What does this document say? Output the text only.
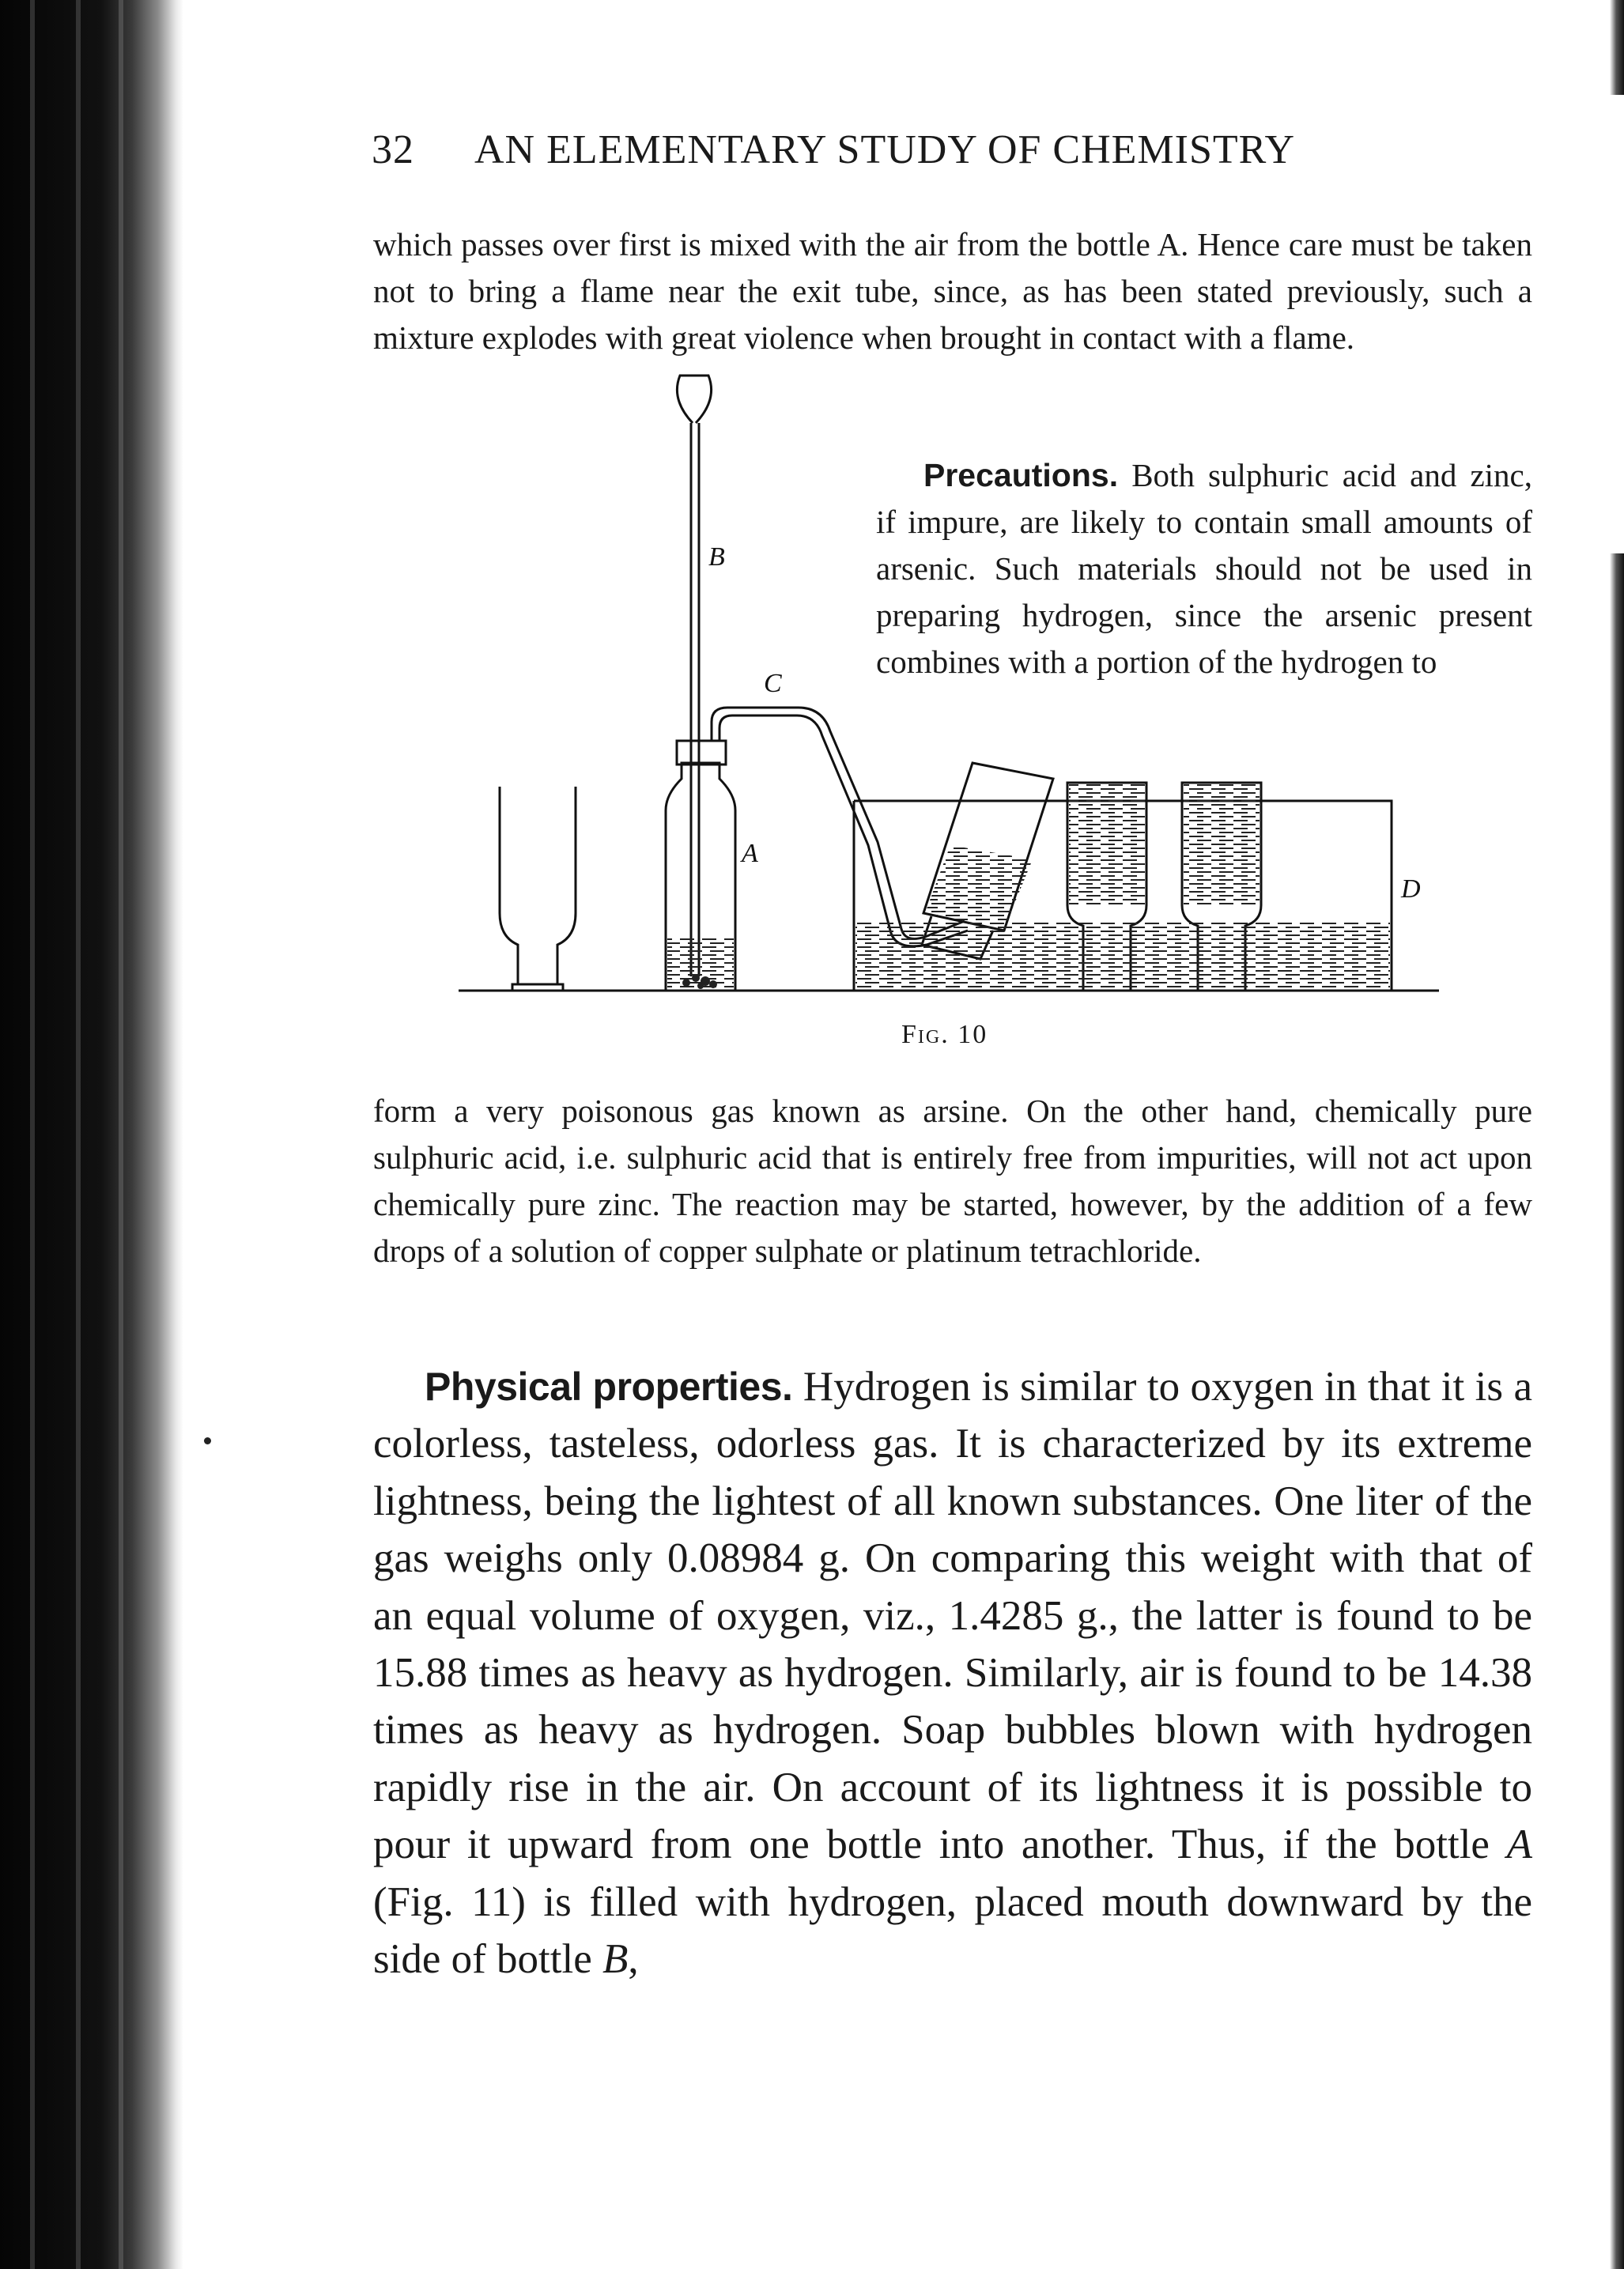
32 AN ELEMENTARY STUDY OF CHEMISTRY

which passes over first is mixed with the air from the bottle A. Hence care must be taken not to bring a flame near the exit tube, since, as has been stated previously, such a mixture explodes with great violence when brought in contact with a flame.

Precautions. Both sulphuric acid and zinc, if impure, are likely to contain small amounts of arsenic. Such materials should not be used in preparing hydrogen, since the arsenic present combines with a portion of the hydrogen to

B
C
A
D
Fig. 10

form a very poisonous gas known as arsine. On the other hand, chemically pure sulphuric acid, i.e. sulphuric acid that is entirely free from impurities, will not act upon chemically pure zinc. The reaction may be started, however, by the addition of a few drops of a solution of copper sulphate or platinum tetrachloride.

Physical properties. Hydrogen is similar to oxygen in that it is a colorless, tasteless, odorless gas. It is characterized by its extreme lightness, being the lightest of all known substances. One liter of the gas weighs only 0.08984 g. On comparing this weight with that of an equal volume of oxygen, viz., 1.4285 g., the latter is found to be 15.88 times as heavy as hydrogen. Similarly, air is found to be 14.38 times as heavy as hydrogen. Soap bubbles blown with hydrogen rapidly rise in the air. On account of its lightness it is possible to pour it upward from one bottle into another. Thus, if the bottle A (Fig. 11) is filled with hydrogen, placed mouth downward by the side of bottle B,
